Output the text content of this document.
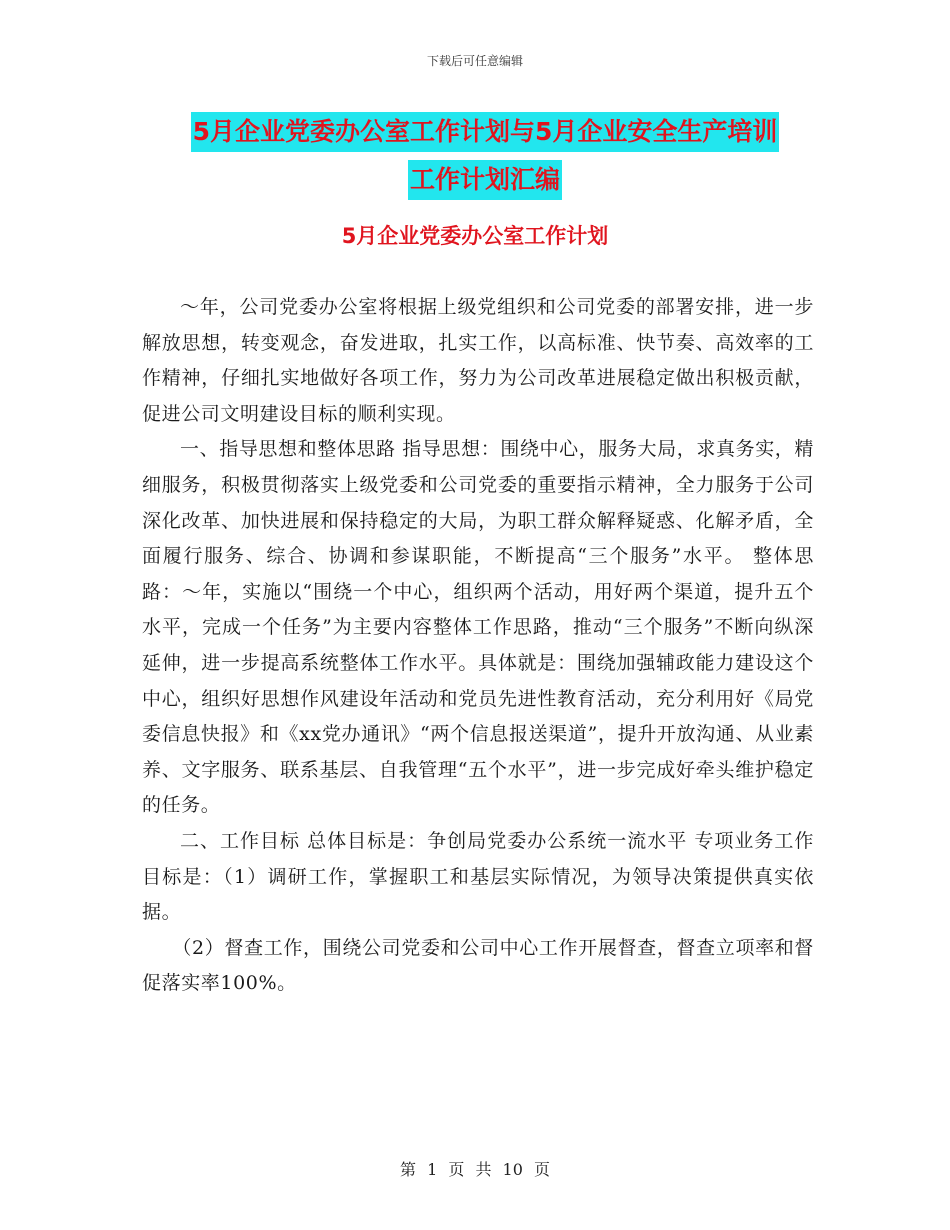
下载后可任意编辑
5月企业党委办公室工作计划与5月企业安全生产培训
工作计划汇编
5月企业党委办公室工作计划

～年，公司党委办公室将根据上级党组织和公司党委的部署安排，进一步解放思想，转变观念，奋发进取，扎实工作，以高标准、快节奏、高效率的工作精神，仔细扎实地做好各项工作，努力为公司改革进展稳定做出积极贡献，促进公司文明建设目标的顺利实现。

一、指导思想和整体思路 指导思想：围绕中心，服务大局，求真务实，精细服务，积极贯彻落实上级党委和公司党委的重要指示精神，全力服务于公司深化改革、加快进展和保持稳定的大局，为职工群众解释疑惑、化解矛盾，全面履行服务、综合、协调和参谋职能，不断提高“三个服务”水平。 整体思路：～年，实施以“围绕一个中心，组织两个活动，用好两个渠道，提升五个水平，完成一个任务”为主要内容整体工作思路，推动“三个服务”不断向纵深延伸，进一步提高系统整体工作水平。具体就是：围绕加强辅政能力建设这个中心，组织好思想作风建设年活动和党员先进性教育活动，充分利用好《局党委信息快报》和《xx党办通讯》“两个信息报送渠道”，提升开放沟通、从业素养、文字服务、联系基层、自我管理“五个水平”，进一步完成好牵头维护稳定的任务。

二、工作目标 总体目标是：争创局党委办公系统一流水平 专项业务工作目标是：（1）调研工作，掌握职工和基层实际情况，为领导决策提供真实依据。

（2）督查工作，围绕公司党委和公司中心工作开展督查，督查立项率和督促落实率100%。

第 1 页 共 10 页
